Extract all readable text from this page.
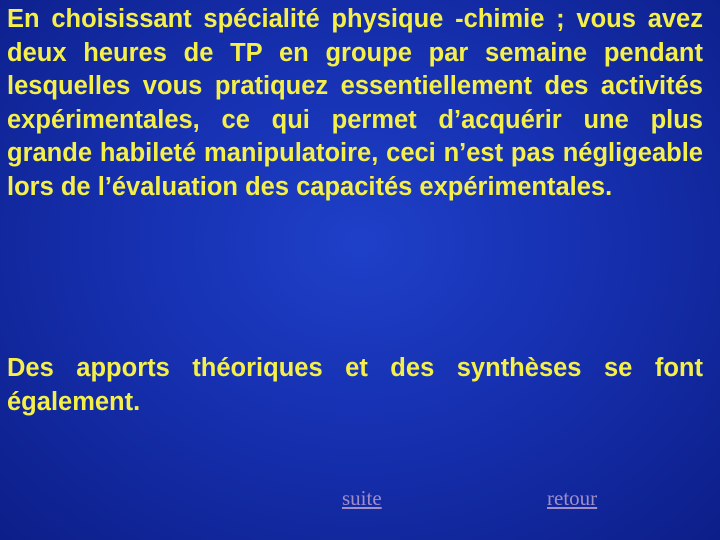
En choisissant spécialité physique -chimie ; vous avez deux heures de TP en groupe par semaine pendant lesquelles vous pratiquez essentiellement des activités expérimentales, ce qui permet d’acquérir une plus grande habileté manipulatoire, ceci n’est pas négligeable lors de l’évaluation des capacités expérimentales.

Des apports théoriques et des synthèses se font également.

suite	retour
